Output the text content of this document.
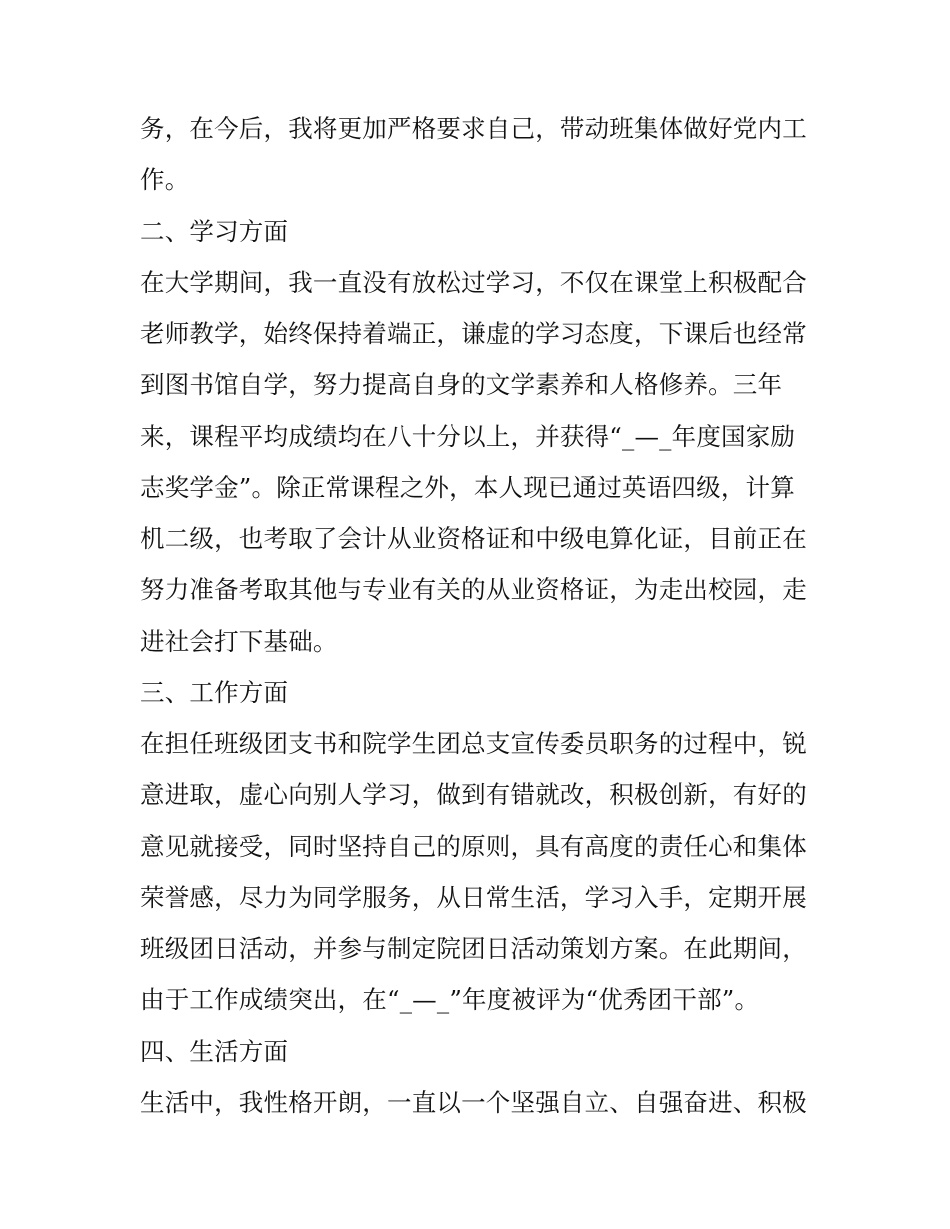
务，在今后，我将更加严格要求自己，带动班集体做好党内工
作。
二、学习方面
在大学期间，我一直没有放松过学习，不仅在课堂上积极配合
老师教学，始终保持着端正，谦虚的学习态度，下课后也经常
到图书馆自学，努力提高自身的文学素养和人格修养。三年
来，课程平均成绩均在八十分以上，并获得“_—_年度国家励
志奖学金”。除正常课程之外，本人现已通过英语四级，计算
机二级，也考取了会计从业资格证和中级电算化证，目前正在
努力准备考取其他与专业有关的从业资格证，为走出校园，走
进社会打下基础。
三、工作方面
在担任班级团支书和院学生团总支宣传委员职务的过程中，锐
意进取，虚心向别人学习，做到有错就改，积极创新，有好的
意见就接受，同时坚持自己的原则，具有高度的责任心和集体
荣誉感，尽力为同学服务，从日常生活，学习入手，定期开展
班级团日活动，并参与制定院团日活动策划方案。在此期间，
由于工作成绩突出，在“_—_”年度被评为“优秀团干部”。
四、生活方面
生活中，我性格开朗，一直以一个坚强自立、自强奋进、积极
